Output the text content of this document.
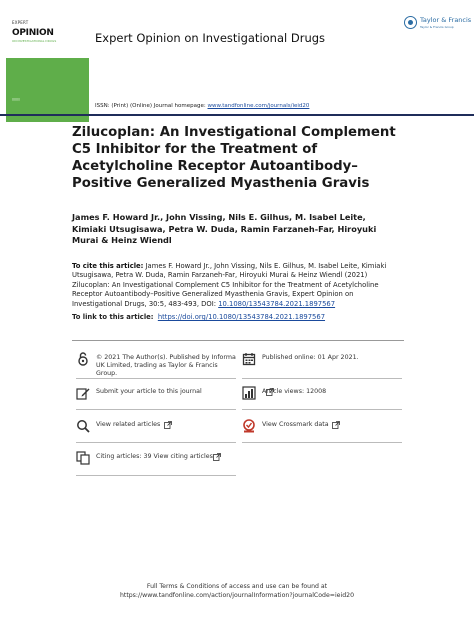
EXPERT
OPINION
ON INVESTIGATIONAL DRUGS
||||||||
Expert Opinion on Investigational Drugs
Taylor & Francis
Taylor & Francis Group
ISSN: (Print) (Online) Journal homepage: www.tandfonline.com/journals/ieid20
Zilucoplan: An Investigational Complement C5 Inhibitor for the Treatment of Acetylcholine Receptor Autoantibody–Positive Generalized Myasthenia Gravis
James F. Howard Jr., John Vissing, Nils E. Gilhus, M. Isabel Leite, Kimiaki Utsugisawa, Petra W. Duda, Ramin Farzaneh-Far, Hiroyuki Murai & Heinz Wiendl
To cite this article: James F. Howard Jr., John Vissing, Nils E. Gilhus, M. Isabel Leite, Kimiaki Utsugisawa, Petra W. Duda, Ramin Farzaneh-Far, Hiroyuki Murai & Heinz Wiendl (2021) Zilucoplan: An Investigational Complement C5 Inhibitor for the Treatment of Acetylcholine Receptor Autoantibody–Positive Generalized Myasthenia Gravis, Expert Opinion on Investigational Drugs, 30:5, 483-493, DOI: 10.1080/13543784.2021.1897567
To link to this article: https://doi.org/10.1080/13543784.2021.1897567
© 2021 The Author(s). Published by Informa UK Limited, trading as Taylor & Francis Group.
Published online: 01 Apr 2021.
Submit your article to this journal	Article views: 12008
View related articles	View Crossmark data
Citing articles: 39 View citing articles
Full Terms & Conditions of access and use can be found at
https://www.tandfonline.com/action/journalInformation?journalCode=ieid20
